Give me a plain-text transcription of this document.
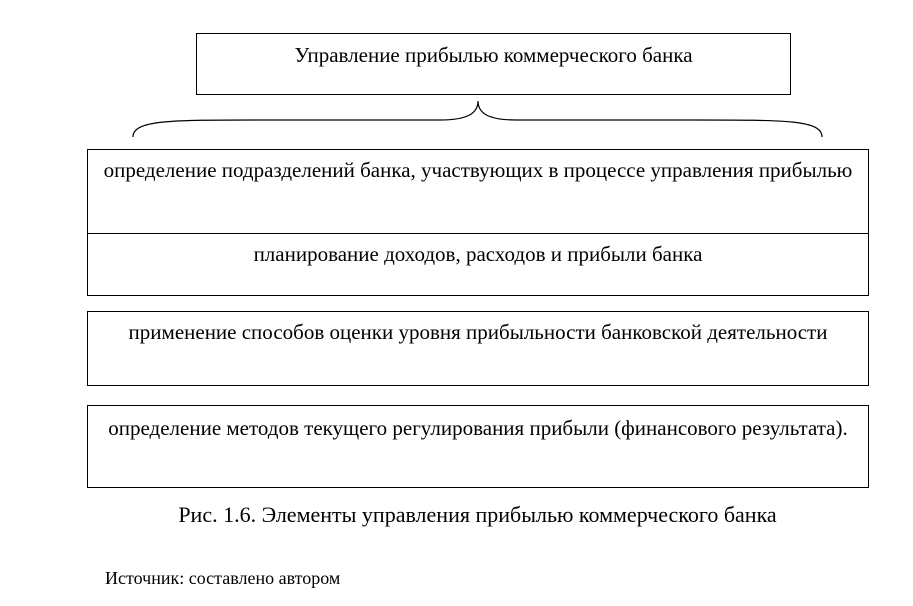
Управление прибылью коммерческого банка
определение подразделений банка, участвующих в процессе управления прибылью
планирование доходов, расходов и прибыли банка
применение способов оценки уровня прибыльности банковской деятельности
определение методов текущего регулирования прибыли (финансового результата).
Рис. 1.6. Элементы управления прибылью коммерческого банка
Источник: составлено автором
